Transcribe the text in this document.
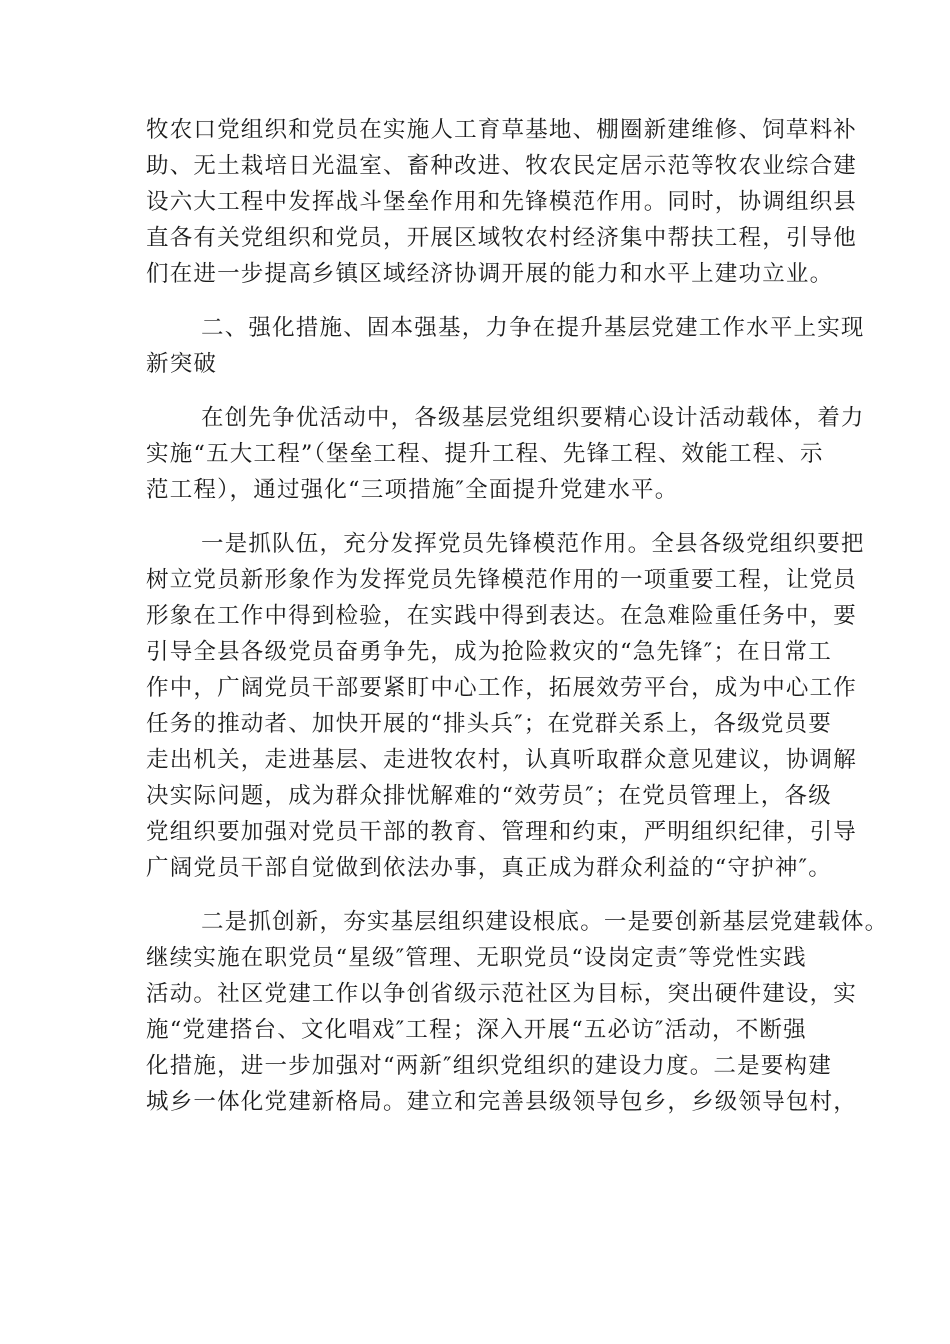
牧农口党组织和党员在实施人工育草基地、棚圈新建维修、饲草料补
助、无土栽培日光温室、畜种改进、牧农民定居示范等牧农业综合建
设六大工程中发挥战斗堡垒作用和先锋模范作用。同时，协调组织县
直各有关党组织和党员，开展区域牧农村经济集中帮扶工程，引导他
们在进一步提高乡镇区域经济协调开展的能力和水平上建功立业。
二、强化措施、固本强基，力争在提升基层党建工作水平上实现
新突破
在创先争优活动中，各级基层党组织要精心设计活动载体，着力
实施“五大工程”（堡垒工程、提升工程、先锋工程、效能工程、示
范工程），通过强化“三项措施″全面提升党建水平。
一是抓队伍，充分发挥党员先锋模范作用。全县各级党组织要把
树立党员新形象作为发挥党员先锋模范作用的一项重要工程，让党员
形象在工作中得到检验，在实践中得到表达。在急难险重任务中，要
引导全县各级党员奋勇争先，成为抢险救灾的“急先锋″；在日常工
作中，广阔党员干部要紧盯中心工作，拓展效劳平台，成为中心工作
任务的推动者、加快开展的“排头兵″；在党群关系上，各级党员要
走出机关，走进基层、走进牧农村，认真听取群众意见建议，协调解
决实际问题，成为群众排忧解难的“效劳员″；在党员管理上，各级
党组织要加强对党员干部的教育、管理和约束，严明组织纪律，引导
广阔党员干部自觉做到依法办事，真正成为群众利益的“守护神″。
二是抓创新，夯实基层组织建设根底。一是要创新基层党建载体。
继续实施在职党员“星级″管理、无职党员“设岗定责″等党性实践
活动。社区党建工作以争创省级示范社区为目标，突出硬件建设，实
施“党建搭台、文化唱戏″工程；深入开展“五必访″活动，不断强
化措施，进一步加强对“两新″组织党组织的建设力度。二是要构建
城乡一体化党建新格局。建立和完善县级领导包乡，乡级领导包村，
